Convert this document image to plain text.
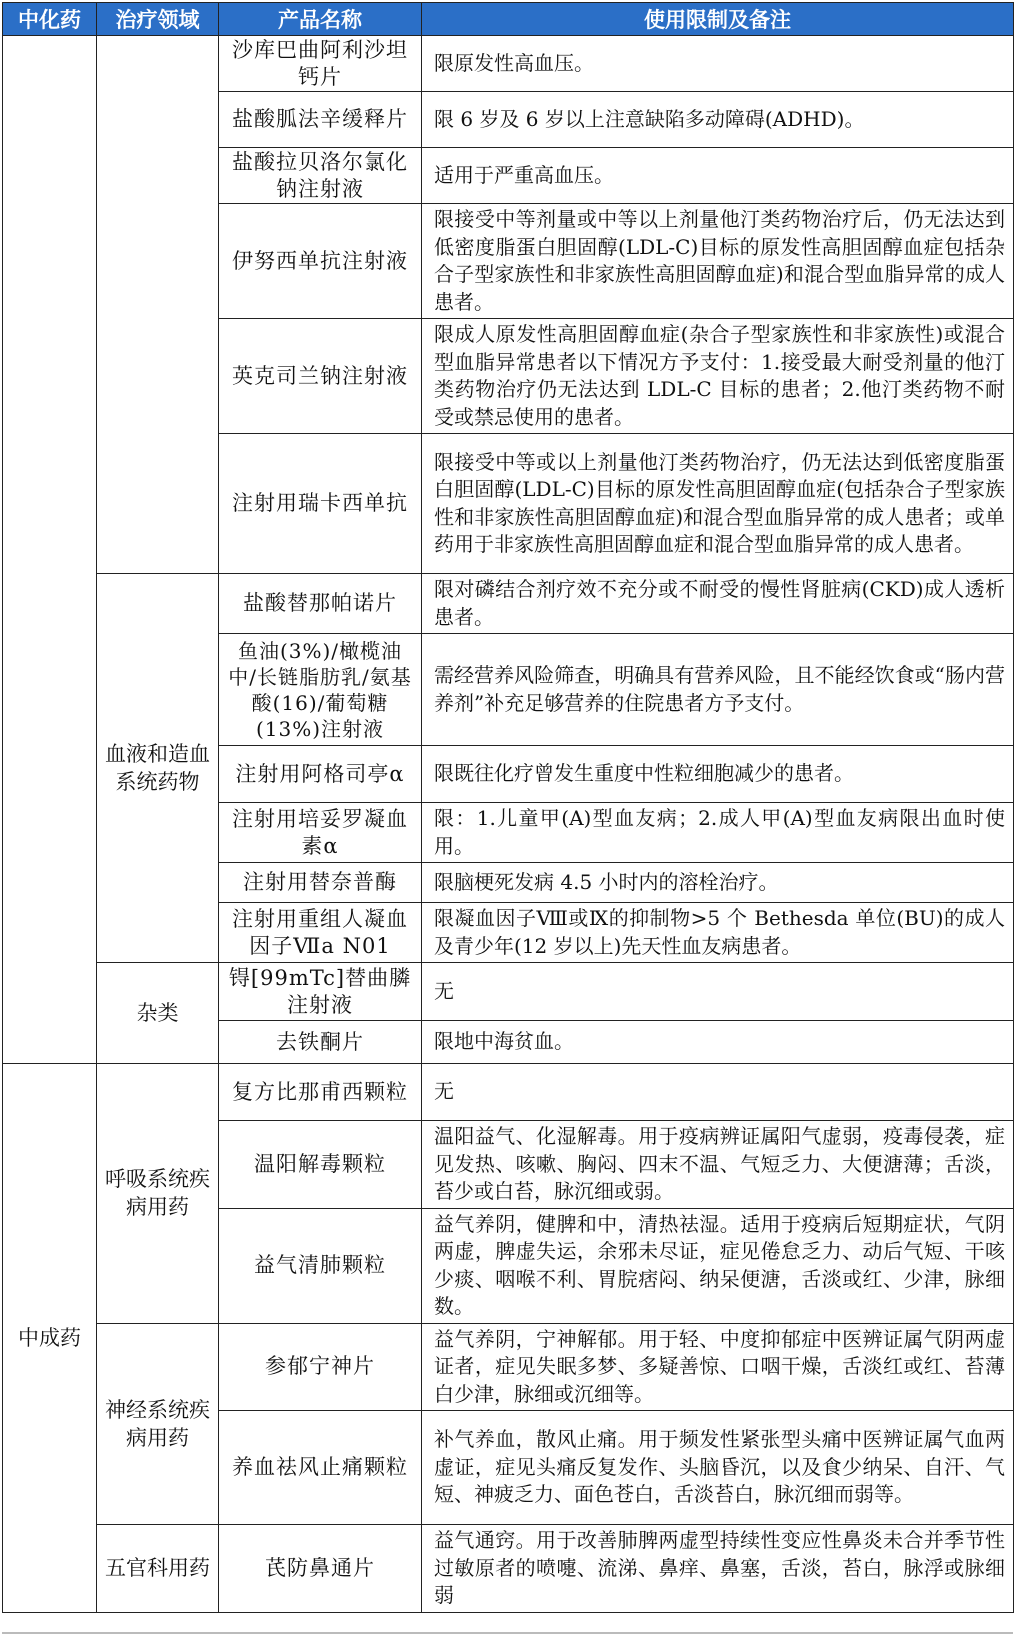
中化药	治疗领域	产品名称	使用限制及备注
		沙库巴曲阿利沙坦钙片	限原发性高血压。
		盐酸胍法辛缓释片	限 6 岁及 6 岁以上注意缺陷多动障碍(ADHD)。
		盐酸拉贝洛尔氯化钠注射液	适用于严重高血压。
		伊努西单抗注射液	限接受中等剂量或中等以上剂量他汀类药物治疗后，仍无法达到低密度脂蛋白胆固醇(LDL-C)目标的原发性高胆固醇血症包括杂合子型家族性和非家族性高胆固醇血症)和混合型血脂异常的成人患者。
		英克司兰钠注射液	限成人原发性高胆固醇血症(杂合子型家族性和非家族性)或混合型血脂异常患者以下情况方予支付：1.接受最大耐受剂量的他汀类药物治疗仍无法达到 LDL-C 目标的患者；2.他汀类药物不耐受或禁忌使用的患者。
		注射用瑞卡西单抗	限接受中等或以上剂量他汀类药物治疗，仍无法达到低密度脂蛋白胆固醇(LDL-C)目标的原发性高胆固醇血症(包括杂合子型家族性和非家族性高胆固醇血症)和混合型血脂异常的成人患者；或单药用于非家族性高胆固醇血症和混合型血脂异常的成人患者。
	血液和造血系统药物	盐酸替那帕诺片	限对磷结合剂疗效不充分或不耐受的慢性肾脏病(CKD)成人透析患者。
		鱼油(3%)/橄榄油中/长链脂肪乳/氨基酸(16)/葡萄糖(13%)注射液	需经营养风险筛查，明确具有营养风险，且不能经饮食或“肠内营养剂”补充足够营养的住院患者方予支付。
		注射用阿格司亭α	限既往化疗曾发生重度中性粒细胞减少的患者。
		注射用培妥罗凝血素α	限：1.儿童甲(A)型血友病；2.成人甲(A)型血友病限出血时使用。
		注射用替奈普酶	限脑梗死发病 4.5 小时内的溶栓治疗。
		注射用重组人凝血因子Ⅶa N01	限凝血因子Ⅷ或Ⅸ的抑制物>5 个 Bethesda 单位(BU)的成人及青少年(12 岁以上)先天性血友病患者。
	杂类	锝[99mTc]替曲膦注射液	无
		去铁酮片	限地中海贫血。
中成药	呼吸系统疾病用药	复方比那甫西颗粒	无
		温阳解毒颗粒	温阳益气、化湿解毒。用于疫病辨证属阳气虚弱，疫毒侵袭，症见发热、咳嗽、胸闷、四末不温、气短乏力、大便溏薄；舌淡，苔少或白苔，脉沉细或弱。
		益气清肺颗粒	益气养阴，健脾和中，清热祛湿。适用于疫病后短期症状，气阴两虚，脾虚失运，余邪未尽证，症见倦怠乏力、动后气短、干咳少痰、咽喉不利、胃脘痞闷、纳呆便溏，舌淡或红、少津，脉细数。
	神经系统疾病用药	参郁宁神片	益气养阴，宁神解郁。用于轻、中度抑郁症中医辨证属气阴两虚证者，症见失眠多梦、多疑善惊、口咽干燥，舌淡红或红、苔薄白少津，脉细或沉细等。
		养血祛风止痛颗粒	补气养血，散风止痛。用于频发性紧张型头痛中医辨证属气血两虚证，症见头痛反复发作、头脑昏沉，以及食少纳呆、自汗、气短、神疲乏力、面色苍白，舌淡苔白，脉沉细而弱等。
	五官科用药	芪防鼻通片	益气通窍。用于改善肺脾两虚型持续性变应性鼻炎未合并季节性过敏原者的喷嚏、流涕、鼻痒、鼻塞，舌淡，苔白，脉浮或脉细弱
